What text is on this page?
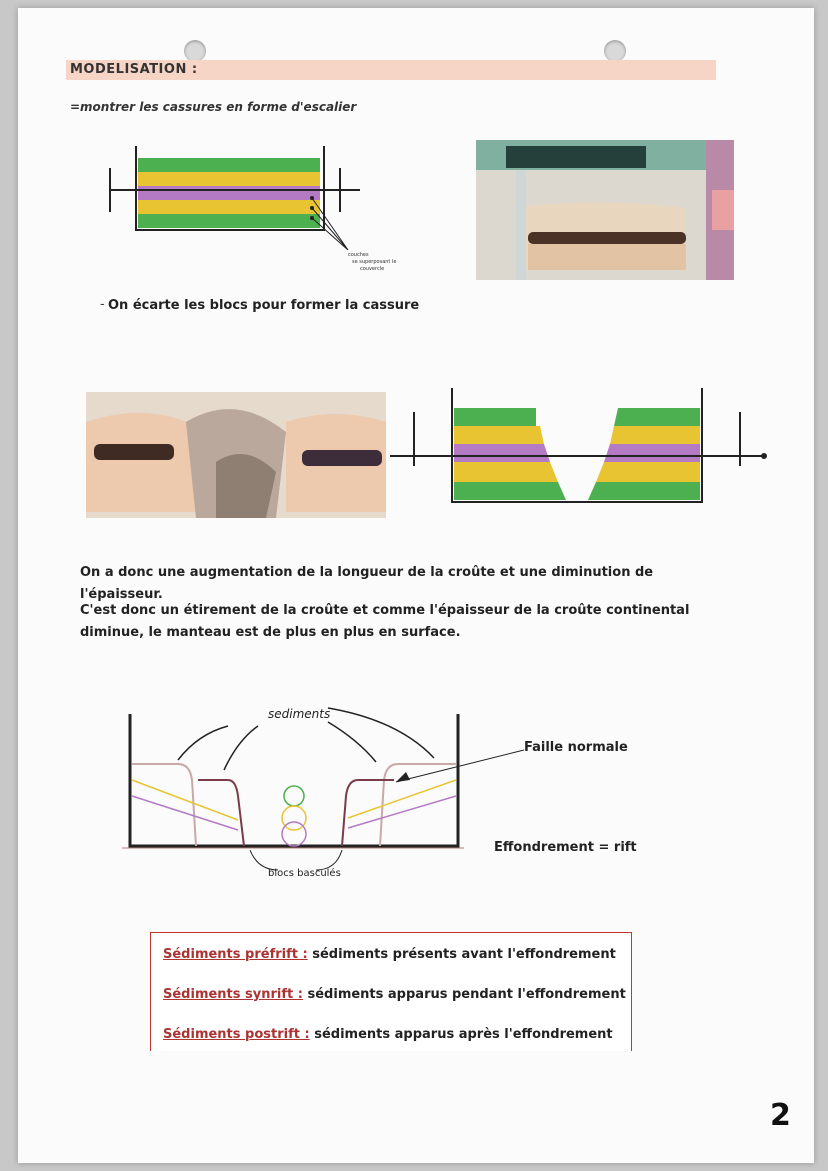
MODELISATION :
=montrer les cassures en forme d'escalier
couches
se superposant le
couvercle
- On écarte les blocs pour former la cassure
On a donc une augmentation de la longueur de la croûte et une diminution de l'épaisseur.
C'est donc un étirement de la croûte et comme l'épaisseur de la croûte continental diminue, le manteau est de plus en plus en surface.
sediments
blocs basculés
Faille normale
Effondrement = rift
Sédiments préfrift : sédiments présents avant l'effondrement
Sédiments synrift : sédiments apparus pendant l'effondrement
Sédiments postrift : sédiments apparus après l'effondrement
2
